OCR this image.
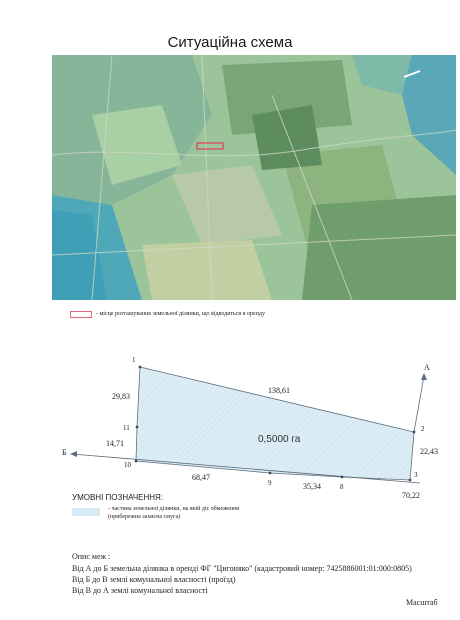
Ситуаційна схема
- місце розташування земельної ділянки, що відводиться в оренду
1
2
3
8
9
10
11
А
Б
138,61
29,83
14,71
22,43
68,47
35,34
70,22
0,5000 га
УМОВНІ ПОЗНАЧЕННЯ:
- частина земельної ділянки, на якій діє обмеження
(прибережна захисна смуга)
Опис меж :
Від А до Б земельна ділянка в оренді ФГ "Цигоняко" (кадастровий номер: 7425886001:01:000:0805)
Від Б до В землі комунальної власності (проїзд)
Від В до А землі комунальної власності
Масштаб
